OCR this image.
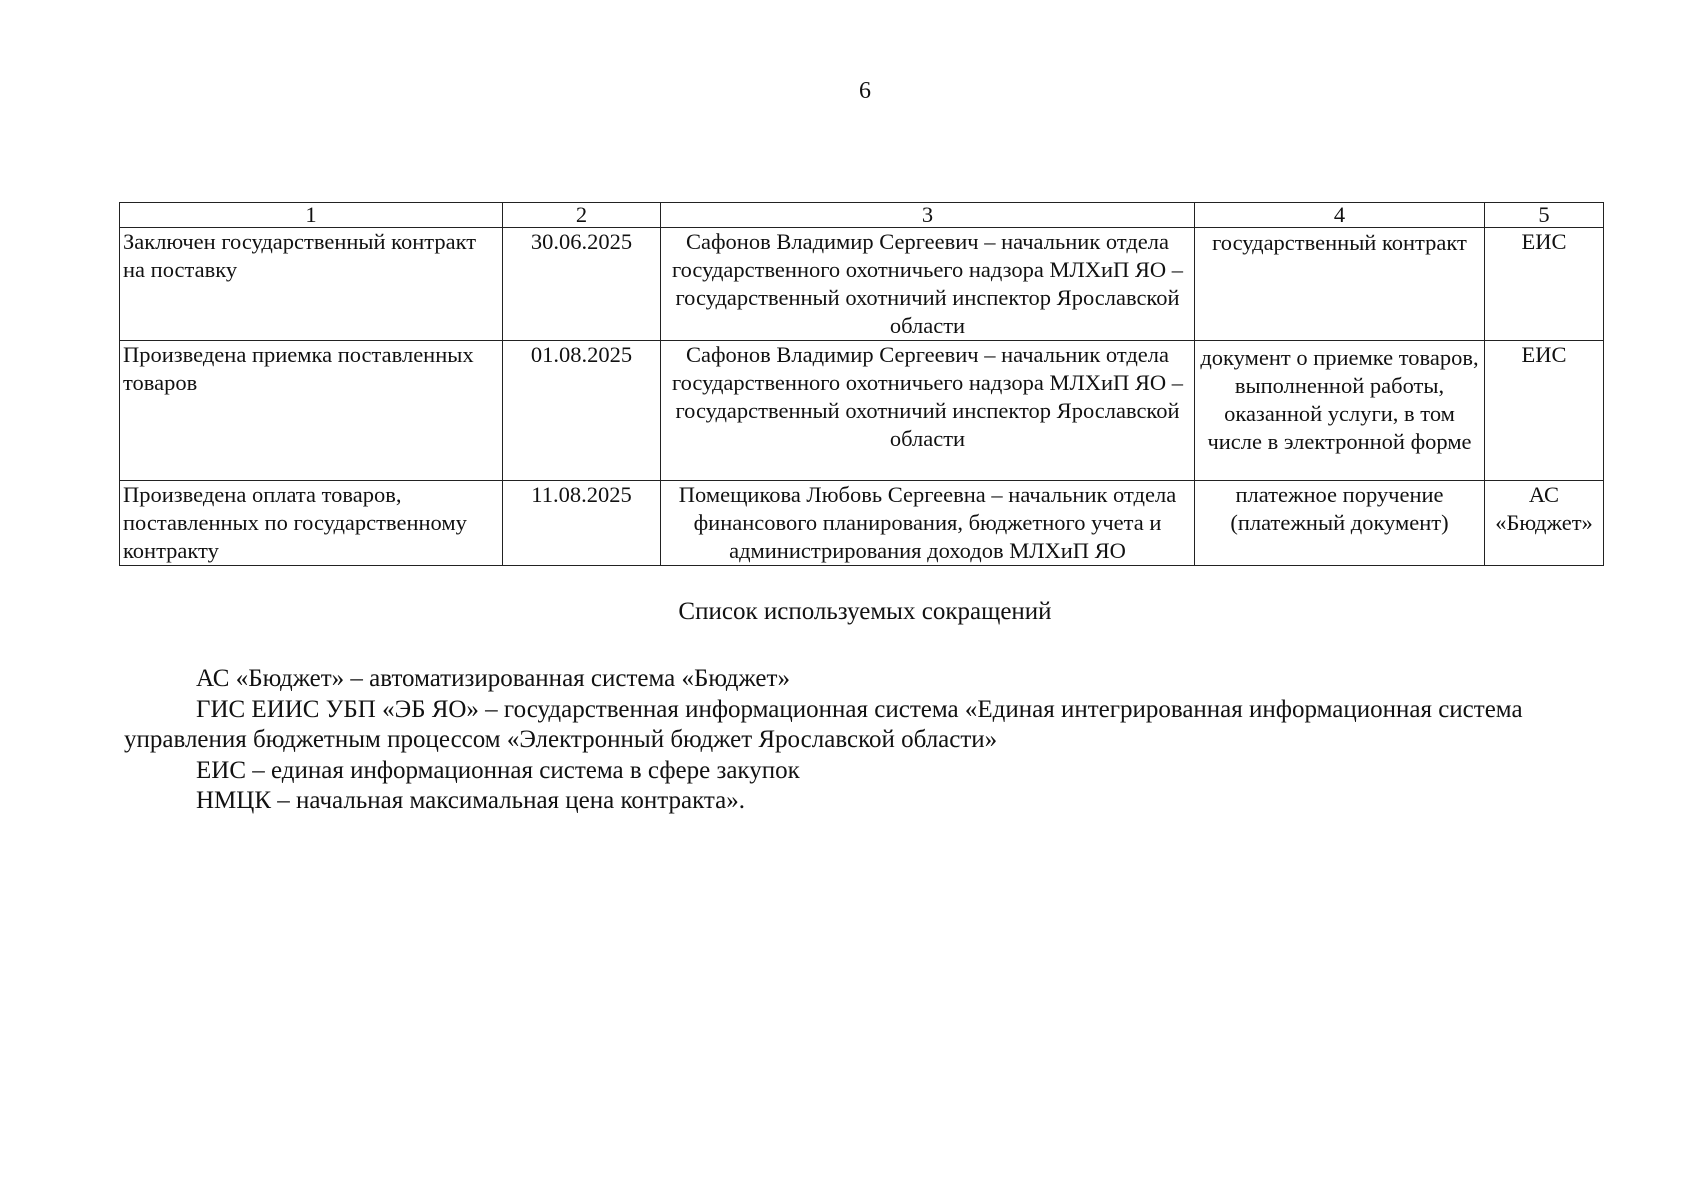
6
1	2	3	4	5
Заключен государственный контракт на поставку	30.06.2025	Сафонов Владимир Сергеевич – начальник отдела государственного охотничьего надзора МЛХиП ЯО – государственный охотничий инспектор Ярославской области	государственный контракт	ЕИС
Произведена приемка поставленных товаров	01.08.2025	Сафонов Владимир Сергеевич – начальник отдела государственного охотничьего надзора МЛХиП ЯО – государственный охотничий инспектор Ярославской области	документ о приемке товаров, выполненной работы, оказанной услуги, в том числе в электронной форме	ЕИС
Произведена оплата товаров, поставленных по государственному контракту	11.08.2025	Помещикова Любовь Сергеевна – начальник отдела финансового планирования, бюджетного учета и администрирования доходов МЛХиП ЯО	платежное поручение (платежный документ)	АС «Бюджет»
Список используемых сокращений

АС «Бюджет» – автоматизированная система «Бюджет»

ГИС ЕИИС УБП «ЭБ ЯО» – государственная информационная система «Единая интегрированная информационная система управления бюджетным процессом «Электронный бюджет Ярославской области»

ЕИС – единая информационная система в сфере закупок

НМЦК – начальная максимальная цена контракта».
